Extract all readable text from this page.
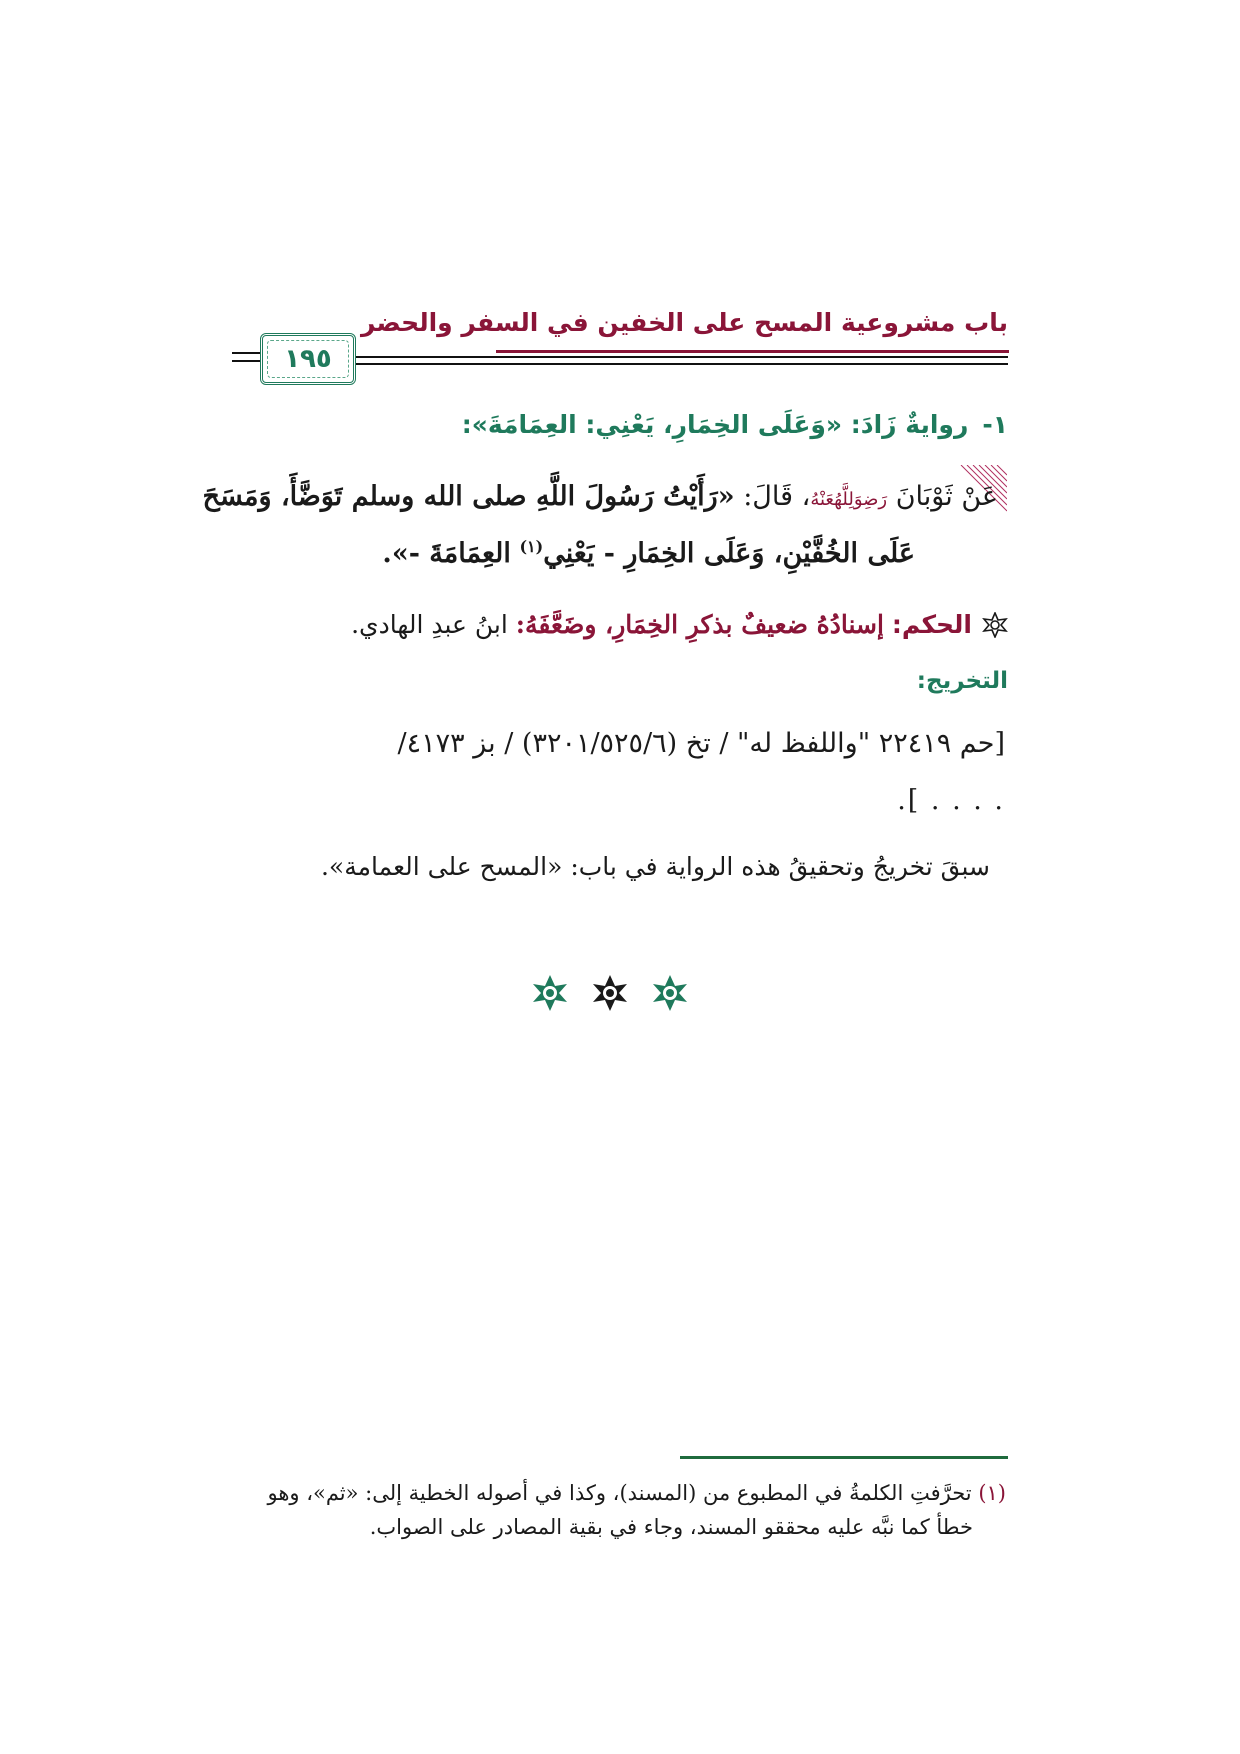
باب مشروعية المسح على الخفين في السفر والحضر
١٩٥
١-روايةٌ زَادَ: «وَعَلَى الخِمَارِ، يَعْنِي: العِمَامَةَ»:
عَنْ ثَوْبَانَ رَضِوَلِلَّهُعَنْهُ، قَالَ: «رَأَيْتُ رَسُولَ اللَّهِ صلى الله وسلم تَوَضَّأَ، وَمَسَحَ
عَلَى الخُفَّيْنِ، وَعَلَى الخِمَارِ - يَعْنِي$^{(١)}$ العِمَامَةَ -».
الحكم: إسنادُهُ ضعيفٌ بذكرِ الخِمَارِ، وضَعَّفَهُ: ابنُ عبدِ الهادي.
التخريج:
[حم ٢٢٤١٩ "واللفظ له" / تخ (٣٢٠١/٥٢٥/٦) / بز ٤١٧٣/
. . . . ].
سبقَ تخريجُ وتحقيقُ هذه الرواية في باب: «المسح على العمامة».
(١) تحرَّفتِ الكلمةُ في المطبوع من (المسند)، وكذا في أصوله الخطية إلى: «ثم»، وهو
خطأ كما نبَّه عليه محققو المسند، وجاء في بقية المصادر على الصواب.
